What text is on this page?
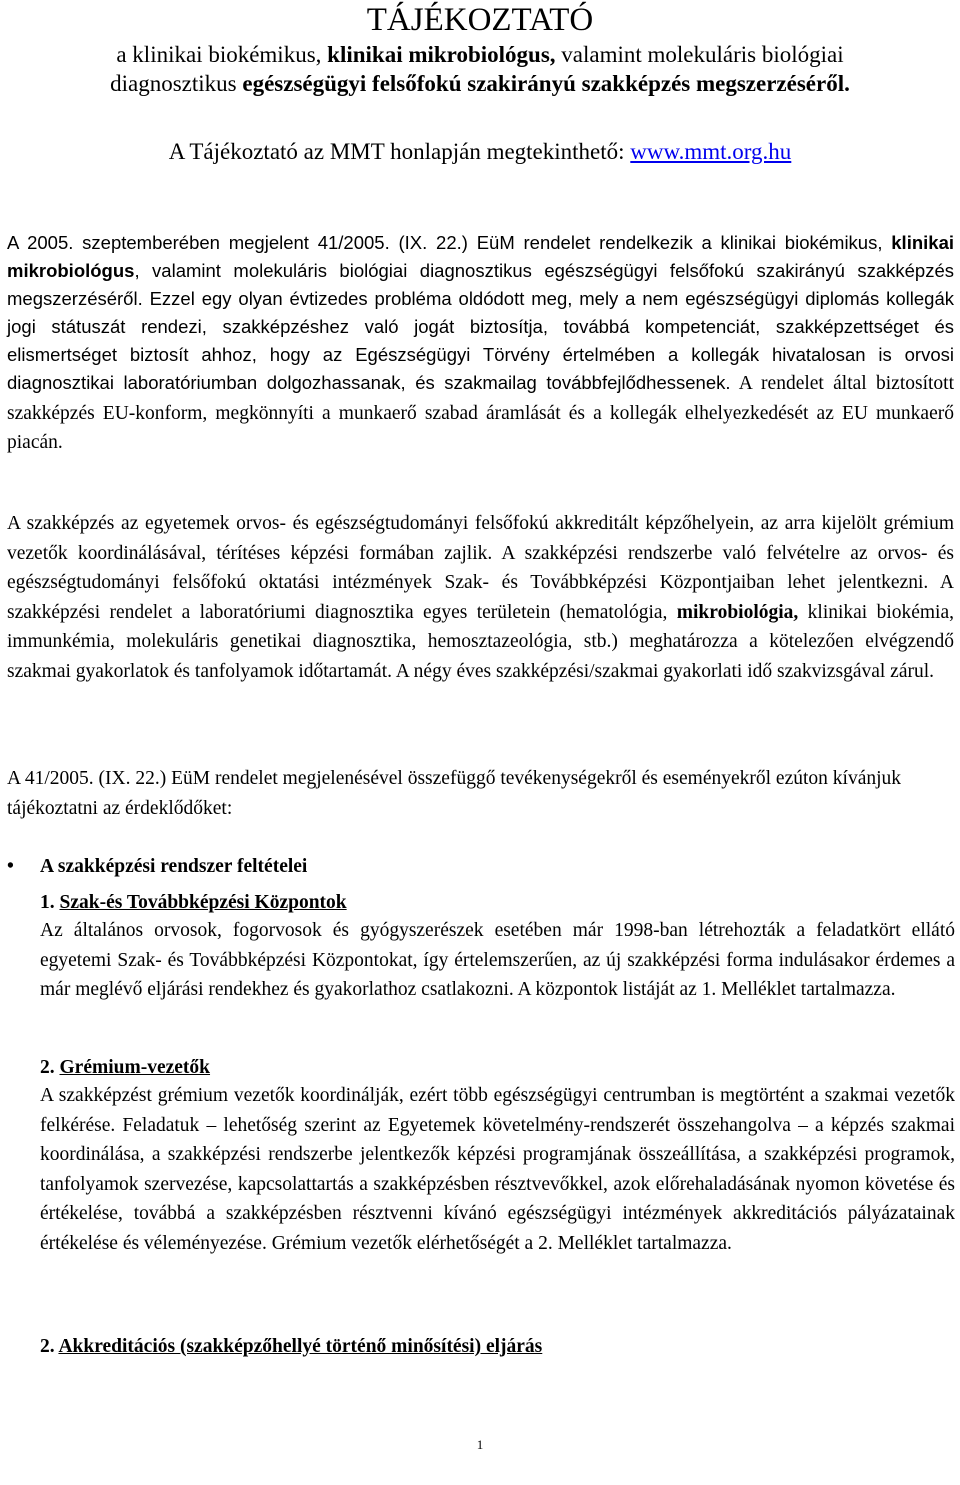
TÁJÉKOZTATÓ
a klinikai biokémikus, klinikai mikrobiológus, valamint molekuláris biológiai
diagnosztikus egészségügyi felsőfokú szakirányú szakképzés megszerzéséről.
A Tájékoztató az MMT honlapján megtekinthető: www.mmt.org.hu

A 2005. szeptemberében megjelent 41/2005. (IX. 22.) EüM rendelet rendelkezik a klinikai biokémikus, klinikai mikrobiológus, valamint molekuláris biológiai diagnosztikus egészségügyi felsőfokú szakirányú szakképzés megszerzéséről. Ezzel egy olyan évtizedes probléma oldódott meg, mely a nem egészségügyi diplomás kollegák jogi státuszát rendezi, szakképzéshez való jogát biztosítja, továbbá kompetenciát, szakképzettséget és elismertséget biztosít ahhoz, hogy az Egészségügyi Törvény értelmében a kollegák hivatalosan is orvosi diagnosztikai laboratóriumban dolgozhassanak, és szakmailag továbbfejlődhessenek. A rendelet által biztosított szakképzés EU-konform, megkönnyíti a munkaerő szabad áramlását és a kollegák elhelyezkedését az EU munkaerő piacán.

A szakképzés az egyetemek orvos- és egészségtudományi felsőfokú akkreditált képzőhelyein, az arra kijelölt grémium vezetők koordinálásával, térítéses képzési formában zajlik. A szakképzési rendszerbe való felvételre az orvos- és egészségtudományi felsőfokú oktatási intézmények Szak- és Továbbképzési Központjaiban lehet jelentkezni. A szakképzési rendelet a laboratóriumi diagnosztika egyes területein (hematológia, mikrobiológia, klinikai biokémia, immunkémia, molekuláris genetikai diagnosztika, hemosztazeológia, stb.) meghatározza a kötelezően elvégzendő szakmai gyakorlatok és tanfolyamok időtartamát. A négy éves szakképzési/szakmai gyakorlati idő szakvizsgával zárul.

A 41/2005. (IX. 22.) EüM rendelet megjelenésével összefüggő tevékenységekről és eseményekről ezúton kívánjuk tájékoztatni az érdeklődőket:

• A szakképzési rendszer feltételei
1. Szak-és Továbbképzési Központok

Az általános orvosok, fogorvosok és gyógyszerészek esetében már 1998-ban létrehozták a feladatkört ellátó egyetemi Szak- és Továbbképzési Központokat, így értelemszerűen, az új szakképzési forma indulásakor érdemes a már meglévő eljárási rendekhez és gyakorlathoz csatlakozni. A központok listáját az 1. Melléklet tartalmazza.

2. Grémium-vezetők

A szakképzést grémium vezetők koordinálják, ezért több egészségügyi centrumban is megtörtént a szakmai vezetők felkérése. Feladatuk – lehetőség szerint az Egyetemek követelmény-rendszerét összehangolva – a képzés szakmai koordinálása, a szakképzési rendszerbe jelentkezők képzési programjának összeállítása, a szakképzési programok, tanfolyamok szervezése, kapcsolattartás a szakképzésben résztvevőkkel, azok előrehaladásának nyomon követése és értékelése, továbbá a szakképzésben résztvenni kívánó egészségügyi intézmények akkreditációs pályázatainak értékelése és véleményezése. Grémium vezetők elérhetőségét a 2. Melléklet tartalmazza.

2. Akkreditációs (szakképzőhellyé történő minősítési) eljárás
1
